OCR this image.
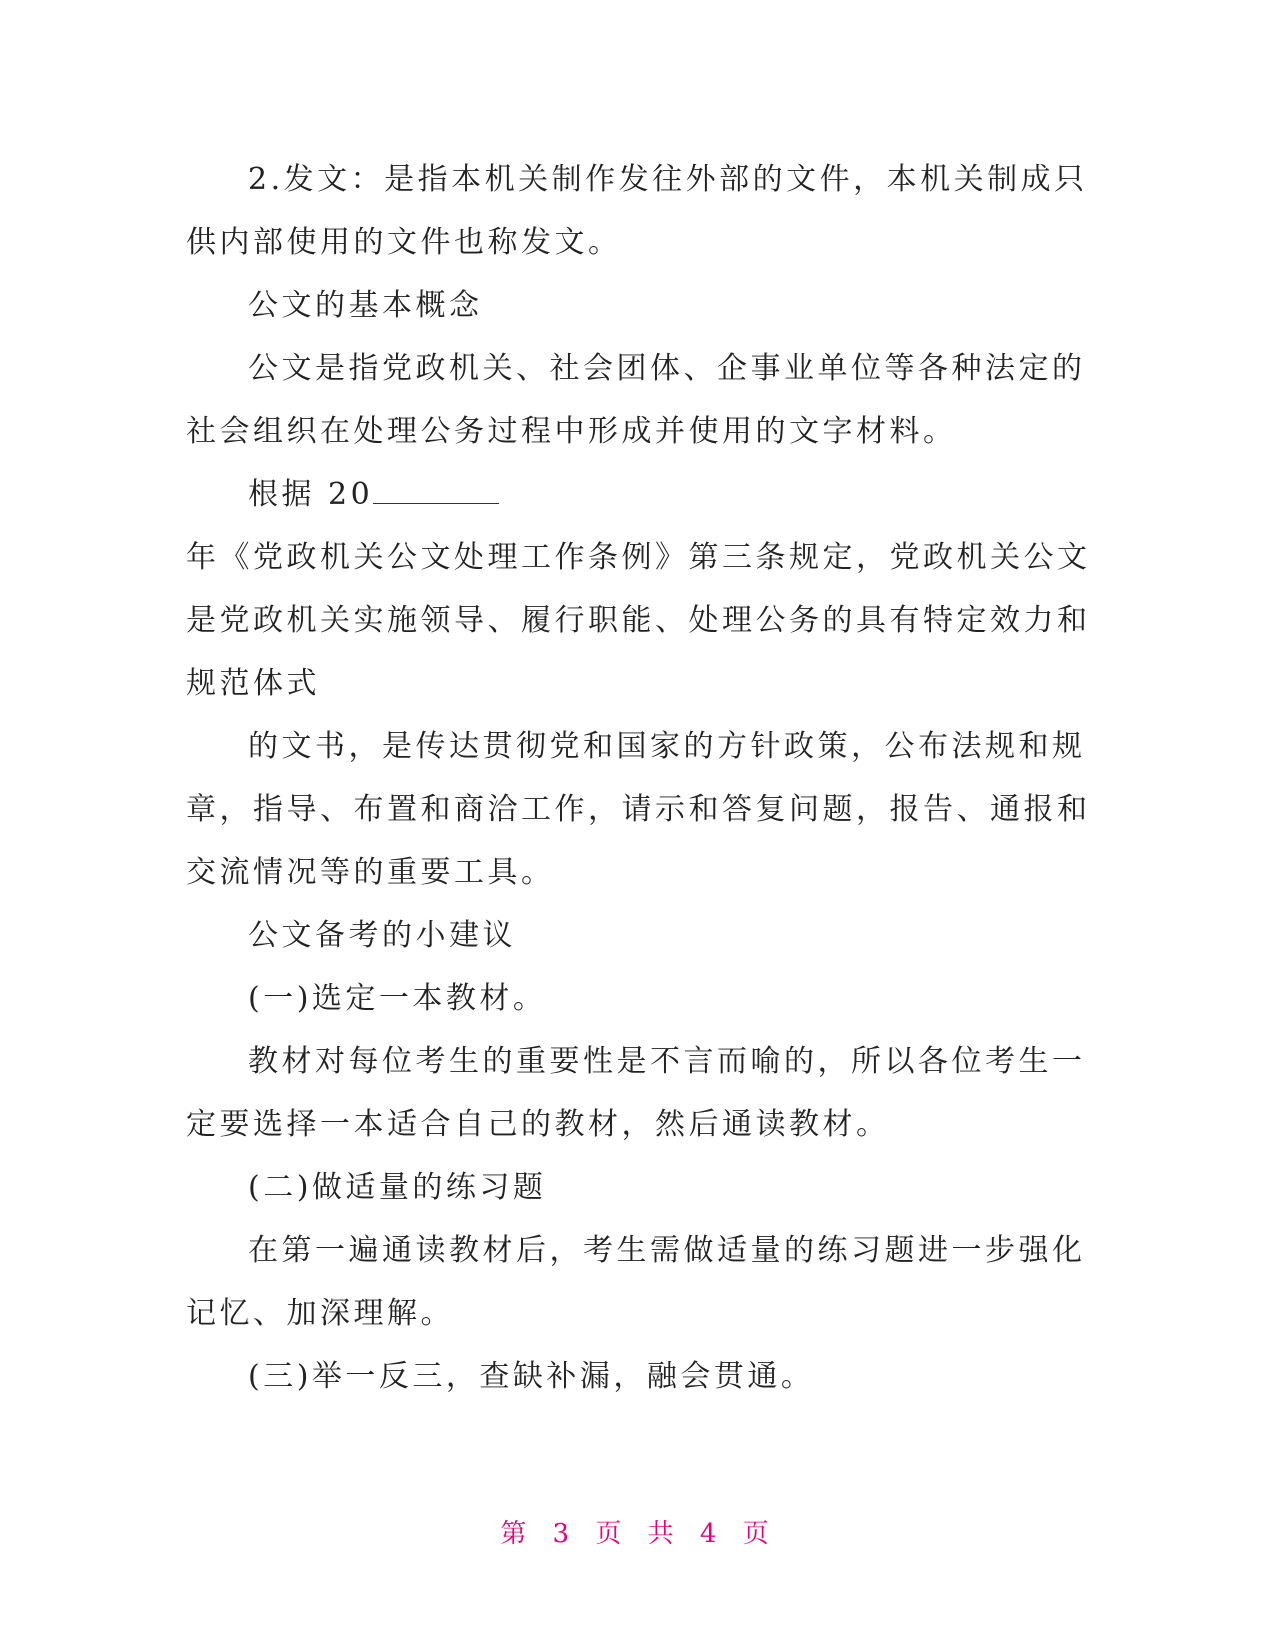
2.发文：是指本机关制作发往外部的文件，本机关制成只
供内部使用的文件也称发文。
公文的基本概念
公文是指党政机关、社会团体、企事业单位等各种法定的
社会组织在处理公务过程中形成并使用的文字材料。
根据 20
年《党政机关公文处理工作条例》第三条规定，党政机关公文
是党政机关实施领导、履行职能、处理公务的具有特定效力和
规范体式
的文书，是传达贯彻党和国家的方针政策，公布法规和规
章，指导、布置和商洽工作，请示和答复问题，报告、通报和
交流情况等的重要工具。
公文备考的小建议
(一)选定一本教材。
教材对每位考生的重要性是不言而喻的，所以各位考生一
定要选择一本适合自己的教材，然后通读教材。
(二)做适量的练习题
在第一遍通读教材后，考生需做适量的练习题进一步强化
记忆、加深理解。
(三)举一反三，查缺补漏，融会贯通。
第 3 页 共 4 页
